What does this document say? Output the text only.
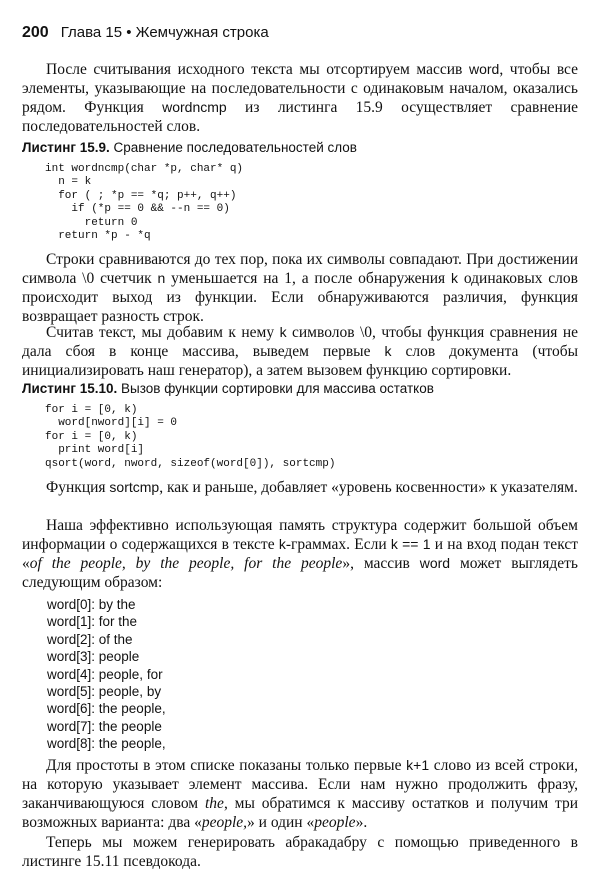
200 Глава 15 • Жемчужная строка

После считывания исходного текста мы отсортируем массив word, чтобы все элементы, указывающие на последовательности с одинаковым началом, оказались рядом. Функция wordncmp из листинга 15.9 осуществляет сравнение последовательностей слов.

Листинг 15.9. Сравнение последовательностей слов
int wordncmp(char *p, char* q)
n = k
for ( ; *p == *q; p++, q++)
if (*p == 0 && --n == 0)
return 0
return *p - *q

Строки сравниваются до тех пор, пока их символы совпадают. При достижении символа \0 счетчик n уменьшается на 1, а после обнаружения k одинаковых слов происходит выход из функции. Если обнаруживаются различия, функция возвращает разность строк.

Считав текст, мы добавим к нему k символов \0, чтобы функция сравнения не дала сбоя в конце массива, выведем первые k слов документа (чтобы инициализировать наш генератор), а затем вызовем функцию сортировки.

Листинг 15.10. Вызов функции сортировки для массива остатков
for i = [0, k)
word[nword][i] = 0
for i = [0, k)
print word[i]
qsort(word, nword, sizeof(word[0]), sortcmp)

Функция sortcmp, как и раньше, добавляет «уровень косвенности» к указателям.

Наша эффективно использующая память структура содержит большой объем информации о содержащихся в тексте k-граммах. Если k == 1 и на вход подан текст «of the people, by the people, for the people», массив word может выглядеть следующим образом:

word[0]: by the
word[1]: for the
word[2]: of the
word[3]: people
word[4]: people, for
word[5]: people, by
word[6]: the people,
word[7]: the people
word[8]: the people,

Для простоты в этом списке показаны только первые k+1 слово из всей строки, на которую указывает элемент массива. Если нам нужно продолжить фразу, заканчивающуюся словом the, мы обратимся к массиву остатков и получим три возможных варианта: два «people,» и один «people».

Теперь мы можем генерировать абракадабру с помощью приведенного в листинге 15.11 псевдокода.
